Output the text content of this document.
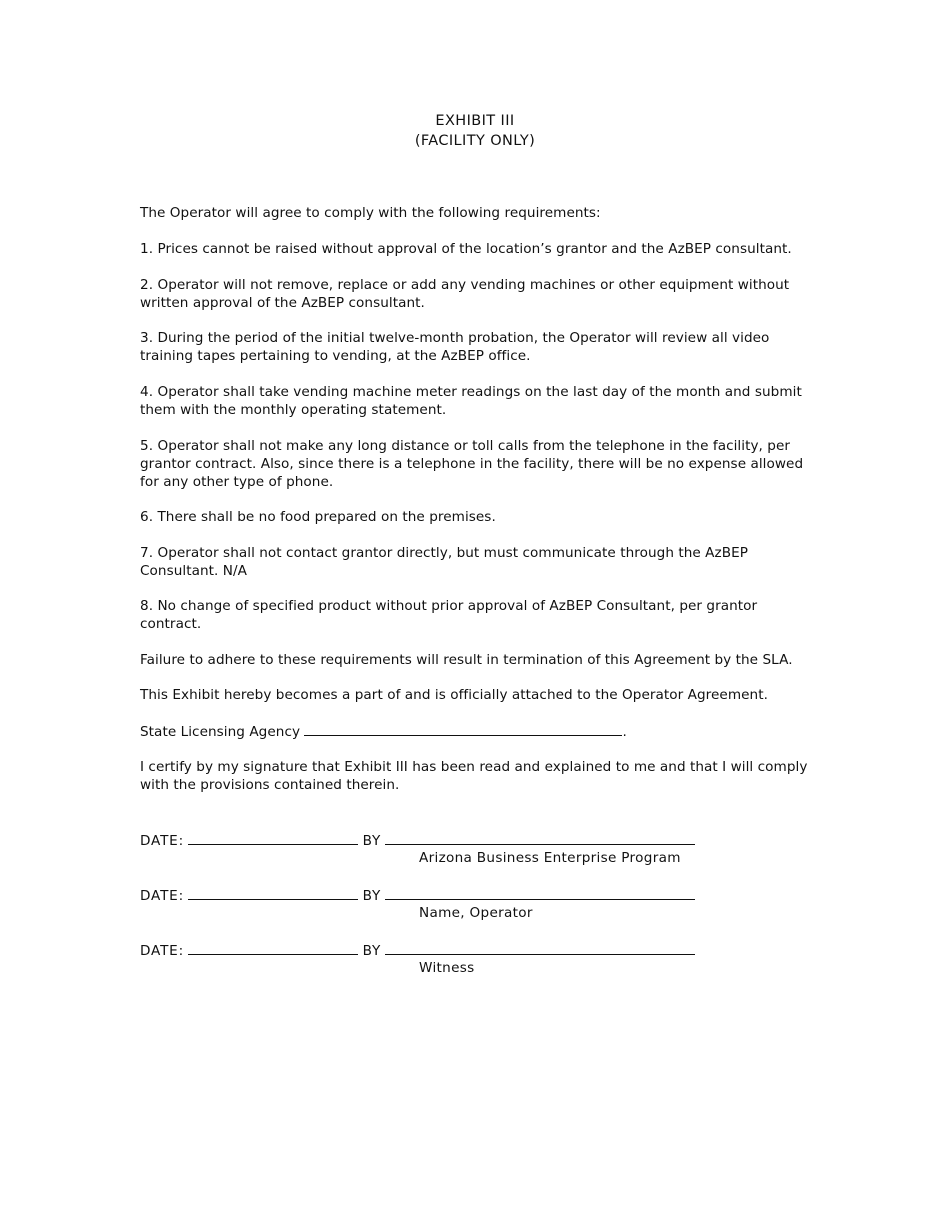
EXHIBIT III
(FACILITY ONLY)
The Operator will agree to comply with the following requirements:
1. Prices cannot be raised without approval of the location’s grantor and the AzBEP consultant.
2. Operator will not remove, replace or add any vending machines or other equipment without written approval of the AzBEP consultant.
3. During the period of the initial twelve-month probation, the Operator will review all video training tapes pertaining to vending, at the AzBEP office.
4. Operator shall take vending machine meter readings on the last day of the month and submit them with the monthly operating statement.
5. Operator shall not make any long distance or toll calls from the telephone in the facility, per grantor contract. Also, since there is a telephone in the facility, there will be no expense allowed for any other type of phone.
6. There shall be no food prepared on the premises.
7. Operator shall not contact grantor directly, but must communicate through the AzBEP Consultant. N/A
8. No change of specified product without prior approval of AzBEP Consultant, per grantor contract.
Failure to adhere to these requirements will result in termination of this Agreement by the SLA.
This Exhibit hereby becomes a part of and is officially attached to the Operator Agreement.
State Licensing Agency	.
I certify by my signature that Exhibit III has been read and explained to me and that I will comply with the provisions contained therein.
DATE:	BY
Arizona Business Enterprise Program
DATE:	BY
Name, Operator
DATE:	BY
Witness
